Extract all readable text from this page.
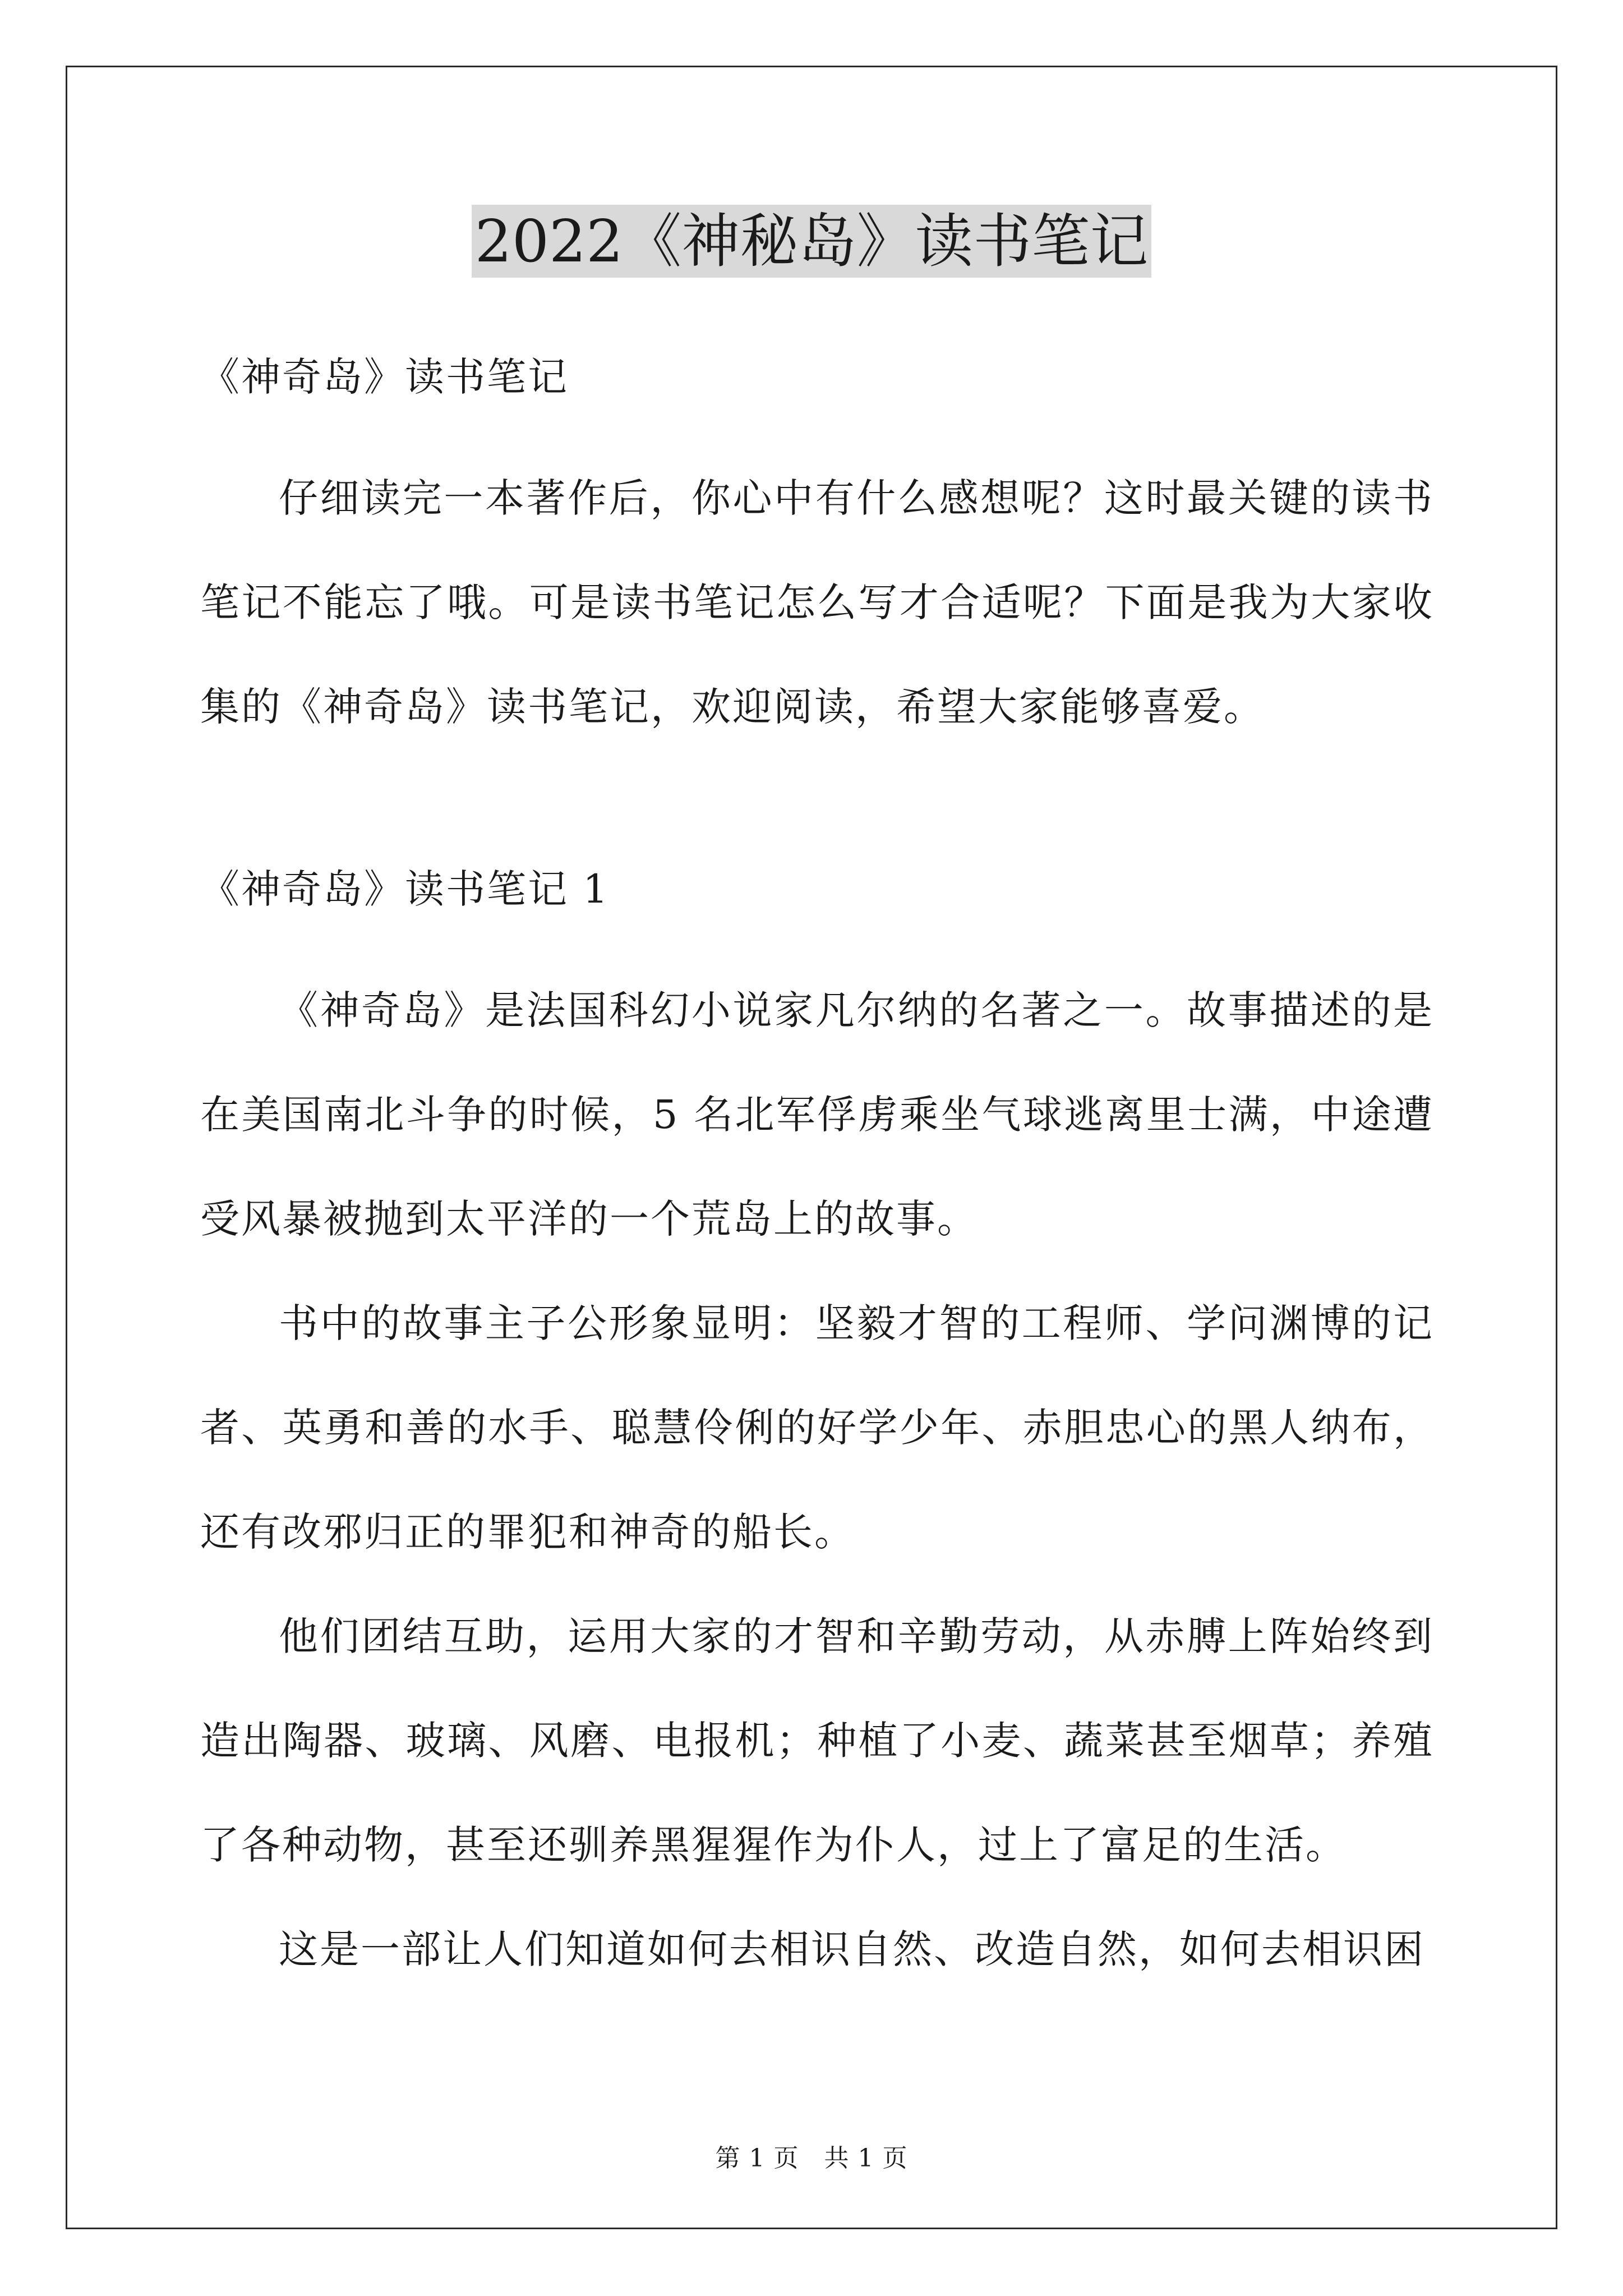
2022《神秘岛》读书笔记

《神奇岛》读书笔记

仔细读完一本著作后，你心中有什么感想呢？这时最关键的读书笔记不能忘了哦。可是读书笔记怎么写才合适呢？下面是我为大家收集的《神奇岛》读书笔记，欢迎阅读，希望大家能够喜爱。

《神奇岛》读书笔记 1

《神奇岛》是法国科幻小说家凡尔纳的名著之一。故事描述的是在美国南北斗争的时候，5 名北军俘虏乘坐气球逃离里士满，中途遭受风暴被抛到太平洋的一个荒岛上的故事。

书中的故事主子公形象显明：坚毅才智的工程师、学问渊博的记者、英勇和善的水手、聪慧伶俐的好学少年、赤胆忠心的黑人纳布，还有改邪归正的罪犯和神奇的船长。

他们团结互助，运用大家的才智和辛勤劳动，从赤膊上阵始终到造出陶器、玻璃、风磨、电报机；种植了小麦、蔬菜甚至烟草；养殖了各种动物，甚至还驯养黑猩猩作为仆人，过上了富足的生活。

这是一部让人们知道如何去相识自然、改造自然，如何去相识困

第 1 页　共 1 页
